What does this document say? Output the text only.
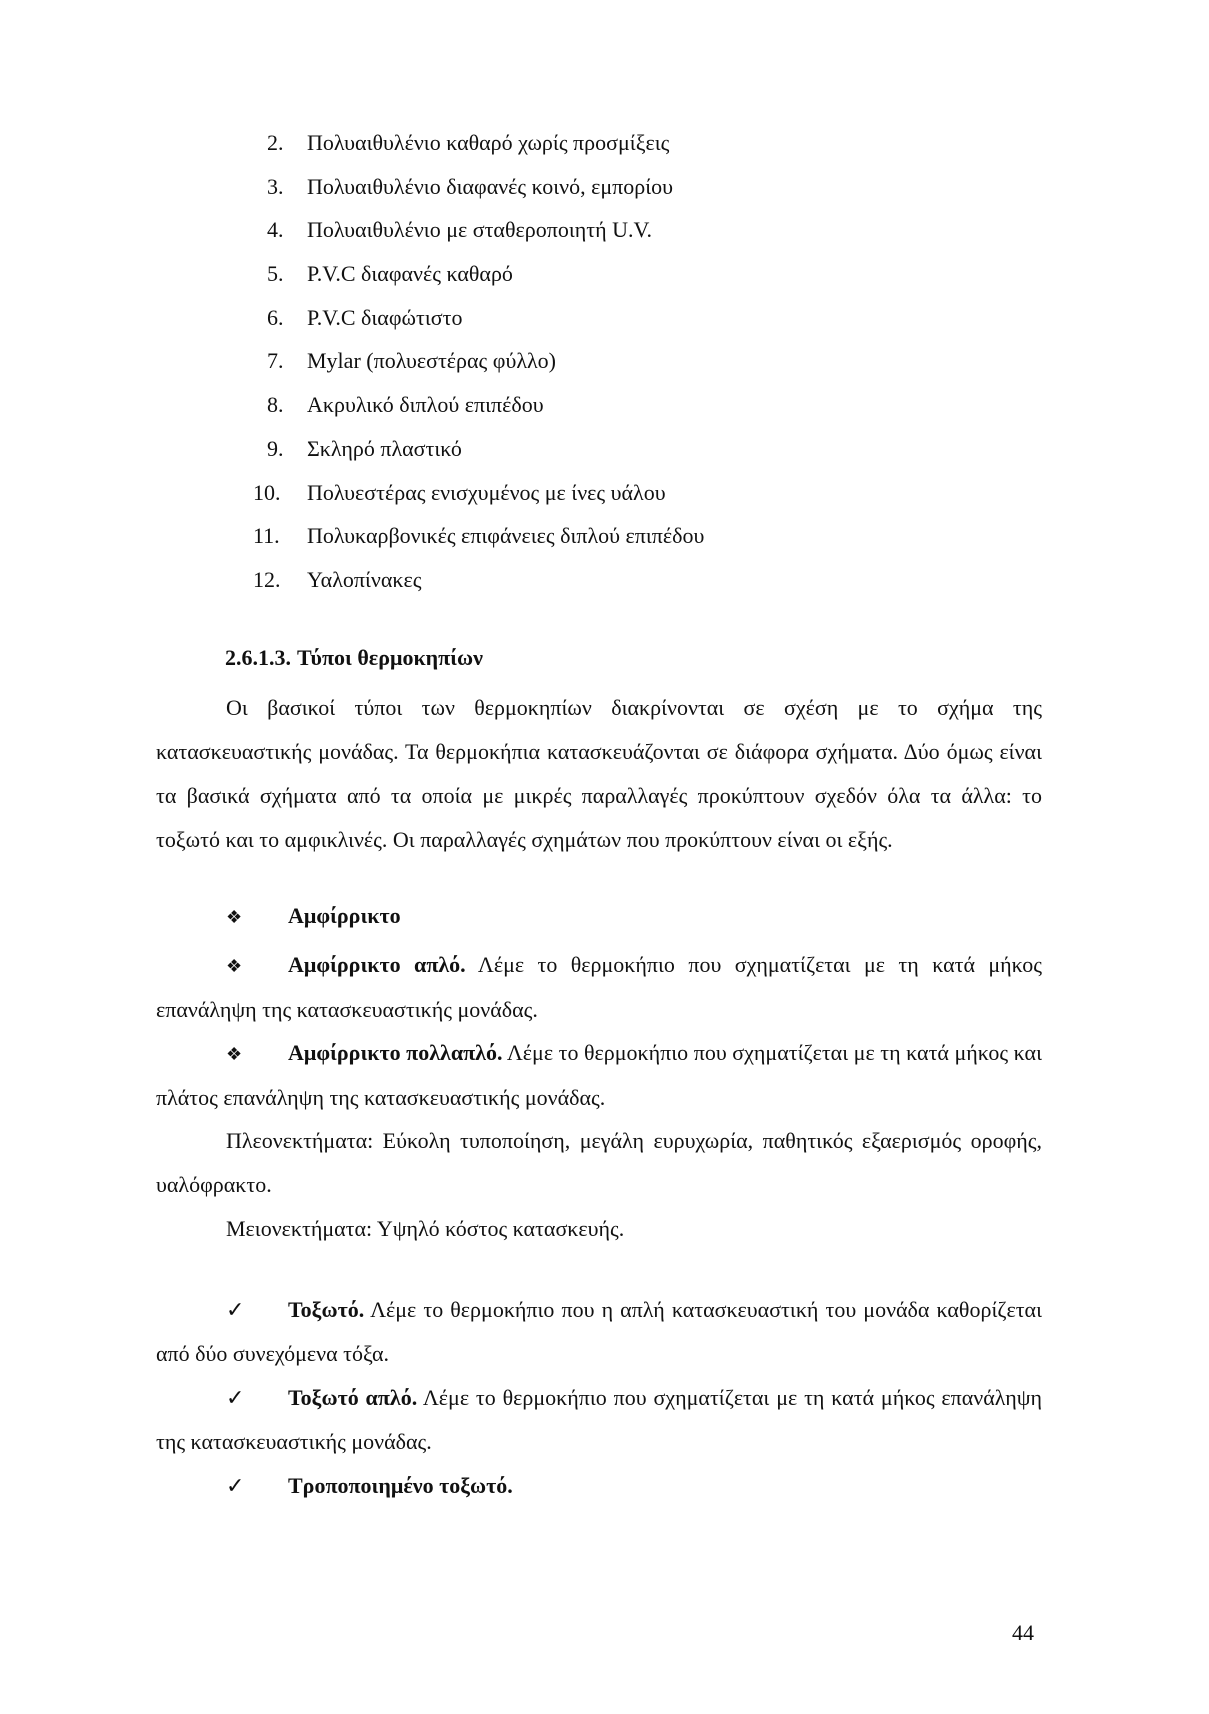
2.	Πολυαιθυλένιο καθαρό χωρίς προσμίξεις
3.	Πολυαιθυλένιο διαφανές κοινό, εμπορίου
4.	Πολυαιθυλένιο με σταθεροποιητή U.V.
5.	P.V.C διαφανές καθαρό
6.	P.V.C διαφώτιστο
7.	Mylar (πολυεστέρας φύλλο)
8.	Ακρυλικό διπλού επιπέδου
9.	Σκληρό πλαστικό
10.	Πολυεστέρας ενισχυμένος με ίνες υάλου
11.	Πολυκαρβονικές επιφάνειες διπλού επιπέδου
12.	Υαλοπίνακες
2.6.1.3. Τύποι θερμοκηπίων

Οι βασικοί τύποι των θερμοκηπίων διακρίνονται σε σχέση με το σχήμα της κατασκευαστικής μονάδας. Τα θερμοκήπια κατασκευάζονται σε διάφορα σχήματα. Δύο όμως είναι τα βασικά σχήματα από τα οποία με μικρές παραλλαγές προκύπτουν σχεδόν όλα τα άλλα: το τοξωτό και το αμφικλινές. Οι παραλλαγές σχημάτων που προκύπτουν είναι οι εξής.

❖ Αμφίρρικτο

❖ Αμφίρρικτο απλό. Λέμε το θερμοκήπιο που σχηματίζεται με τη κατά μήκος επανάληψη της κατασκευαστικής μονάδας.

❖ Αμφίρρικτο πολλαπλό. Λέμε το θερμοκήπιο που σχηματίζεται με τη κατά μήκος και πλάτος επανάληψη της κατασκευαστικής μονάδας.

Πλεονεκτήματα: Εύκολη τυποποίηση, μεγάλη ευρυχωρία, παθητικός εξαερισμός οροφής, υαλόφρακτο.

Μειονεκτήματα: Υψηλό κόστος κατασκευής.

✓ Τοξωτό. Λέμε το θερμοκήπιο που η απλή κατασκευαστική του μονάδα καθορίζεται από δύο συνεχόμενα τόξα.

✓ Τοξωτό απλό. Λέμε το θερμοκήπιο που σχηματίζεται με τη κατά μήκος επανάληψη της κατασκευαστικής μονάδας.

✓ Τροποποιημένο τοξωτό.

44
